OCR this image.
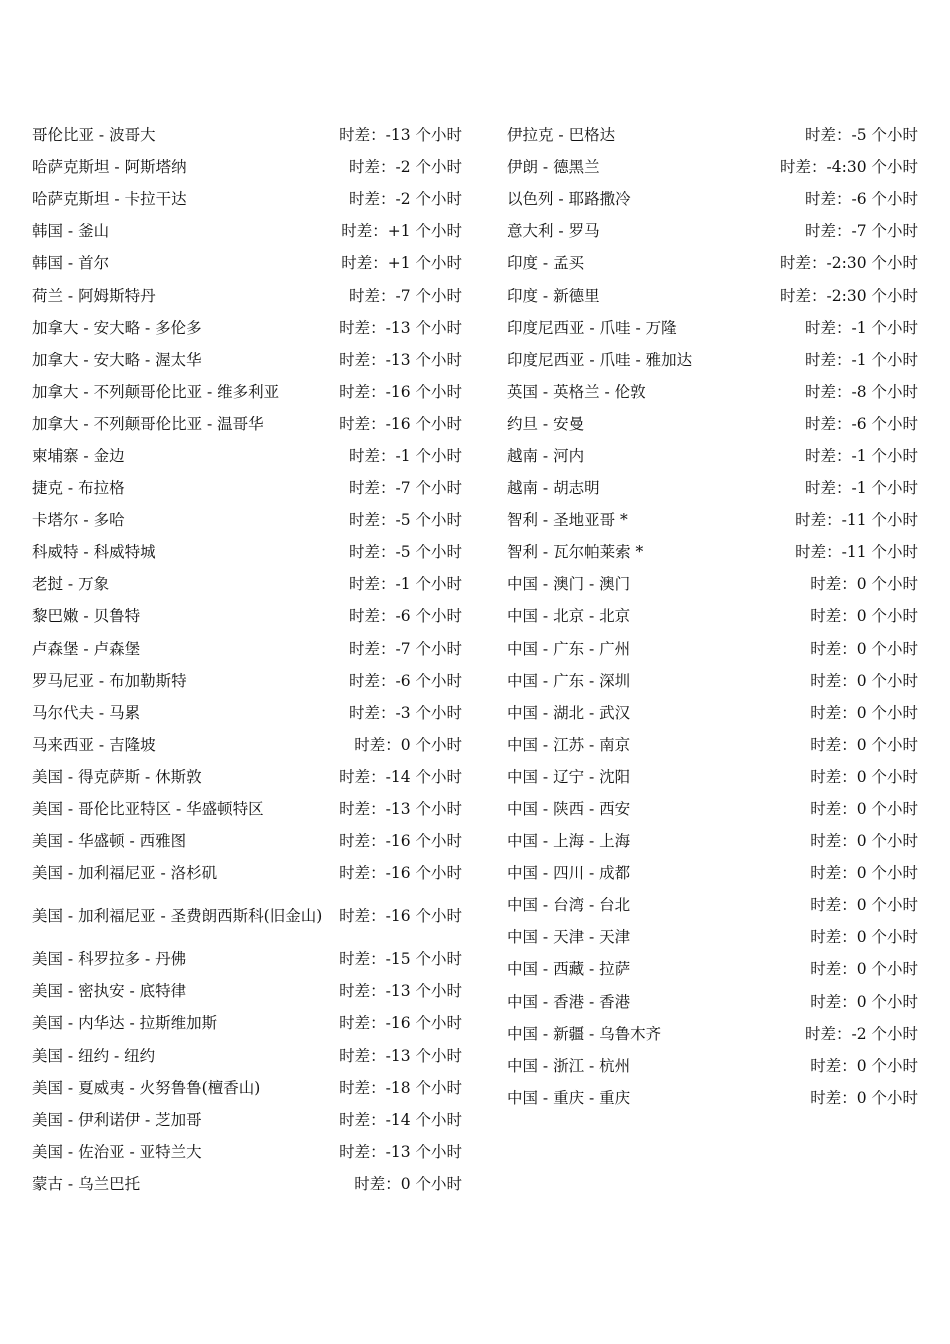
哥伦比亚 - 波哥大	时差：-13 个小时
哈萨克斯坦 - 阿斯塔纳	时差：-2 个小时
哈萨克斯坦 - 卡拉干达	时差：-2 个小时
韩国 - 釜山	时差：+1 个小时
韩国 - 首尔	时差：+1 个小时
荷兰 - 阿姆斯特丹	时差：-7 个小时
加拿大 - 安大略 - 多伦多	时差：-13 个小时
加拿大 - 安大略 - 渥太华	时差：-13 个小时
加拿大 - 不列颠哥伦比亚 - 维多利亚	时差：-16 个小时
加拿大 - 不列颠哥伦比亚 - 温哥华	时差：-16 个小时
柬埔寨 - 金边	时差：-1 个小时
捷克 - 布拉格	时差：-7 个小时
卡塔尔 - 多哈	时差：-5 个小时
科威特 - 科威特城	时差：-5 个小时
老挝 - 万象	时差：-1 个小时
黎巴嫩 - 贝鲁特	时差：-6 个小时
卢森堡 - 卢森堡	时差：-7 个小时
罗马尼亚 - 布加勒斯特	时差：-6 个小时
马尔代夫 - 马累	时差：-3 个小时
马来西亚 - 吉隆坡	时差：0 个小时
美国 - 得克萨斯 - 休斯敦	时差：-14 个小时
美国 - 哥伦比亚特区 - 华盛顿特区	时差：-13 个小时
美国 - 华盛顿 - 西雅图	时差：-16 个小时
美国 - 加利福尼亚 - 洛杉矶	时差：-16 个小时
美国 - 加利福尼亚 - 圣费朗西斯科(旧金山)	时差：-16 个小时
美国 - 科罗拉多 - 丹佛	时差：-15 个小时
美国 - 密执安 - 底特律	时差：-13 个小时
美国 - 内华达 - 拉斯维加斯	时差：-16 个小时
美国 - 纽约 - 纽约	时差：-13 个小时
美国 - 夏威夷 - 火努鲁鲁(檀香山)	时差：-18 个小时
美国 - 伊利诺伊 - 芝加哥	时差：-14 个小时
美国 - 佐治亚 - 亚特兰大	时差：-13 个小时
蒙古 - 乌兰巴托	时差：0 个小时
伊拉克 - 巴格达	时差：-5 个小时
伊朗 - 德黑兰	时差：-4:30 个小时
以色列 - 耶路撒冷	时差：-6 个小时
意大利 - 罗马	时差：-7 个小时
印度 - 孟买	时差：-2:30 个小时
印度 - 新德里	时差：-2:30 个小时
印度尼西亚 - 爪哇 - 万隆	时差：-1 个小时
印度尼西亚 - 爪哇 - 雅加达	时差：-1 个小时
英国 - 英格兰 - 伦敦	时差：-8 个小时
约旦 - 安曼	时差：-6 个小时
越南 - 河内	时差：-1 个小时
越南 - 胡志明	时差：-1 个小时
智利 - 圣地亚哥 *	时差：-11 个小时
智利 - 瓦尔帕莱索 *	时差：-11 个小时
中国 - 澳门 - 澳门	时差：0 个小时
中国 - 北京 - 北京	时差：0 个小时
中国 - 广东 - 广州	时差：0 个小时
中国 - 广东 - 深圳	时差：0 个小时
中国 - 湖北 - 武汉	时差：0 个小时
中国 - 江苏 - 南京	时差：0 个小时
中国 - 辽宁 - 沈阳	时差：0 个小时
中国 - 陕西 - 西安	时差：0 个小时
中国 - 上海 - 上海	时差：0 个小时
中国 - 四川 - 成都	时差：0 个小时
中国 - 台湾 - 台北	时差：0 个小时
中国 - 天津 - 天津	时差：0 个小时
中国 - 西藏 - 拉萨	时差：0 个小时
中国 - 香港 - 香港	时差：0 个小时
中国 - 新疆 - 乌鲁木齐	时差：-2 个小时
中国 - 浙江 - 杭州	时差：0 个小时
中国 - 重庆 - 重庆	时差：0 个小时
